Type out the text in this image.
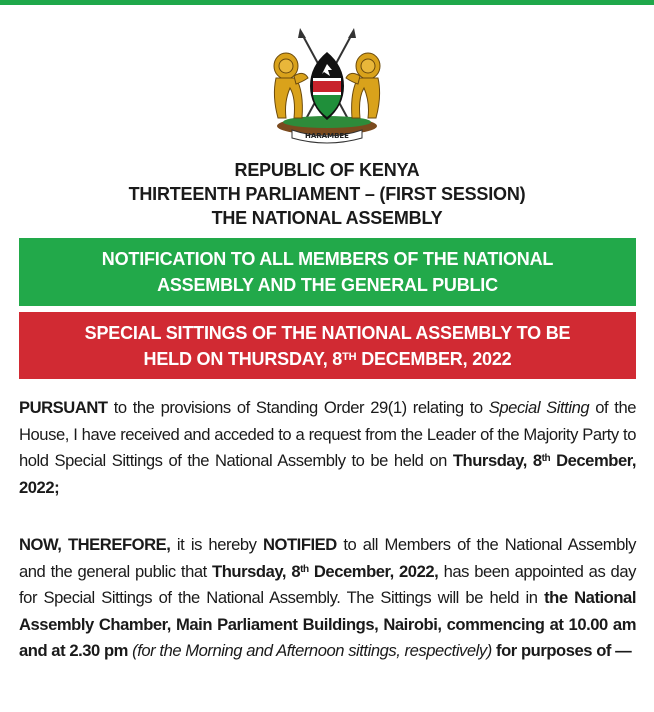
HARAMBEE
REPUBLIC OF KENYA
THIRTEENTH PARLIAMENT – (FIRST SESSION)
THE NATIONAL ASSEMBLY
NOTIFICATION TO ALL MEMBERS OF THE NATIONAL
ASSEMBLY AND THE GENERAL PUBLIC
SPECIAL SITTINGS OF THE NATIONAL ASSEMBLY TO BE
HELD ON THURSDAY, 8TH DECEMBER, 2022
PURSUANT to the provisions of Standing Order 29(1) relating to Special Sitting of the House, I have received and acceded to a request from the Leader of the Majority Party to hold Special Sittings of the National Assembly to be held on Thursday, 8th December, 2022;
NOW, THEREFORE, it is hereby NOTIFIED to all Members of the National Assembly and the general public that Thursday, 8th December, 2022, has been appointed as day for Special Sittings of the National Assembly. The Sittings will be held in the National Assembly Chamber, Main Parliament Buildings, Nairobi, commencing at 10.00 am and at 2.30 pm (for the Morning and Afternoon sittings, respectively) for purposes of —
